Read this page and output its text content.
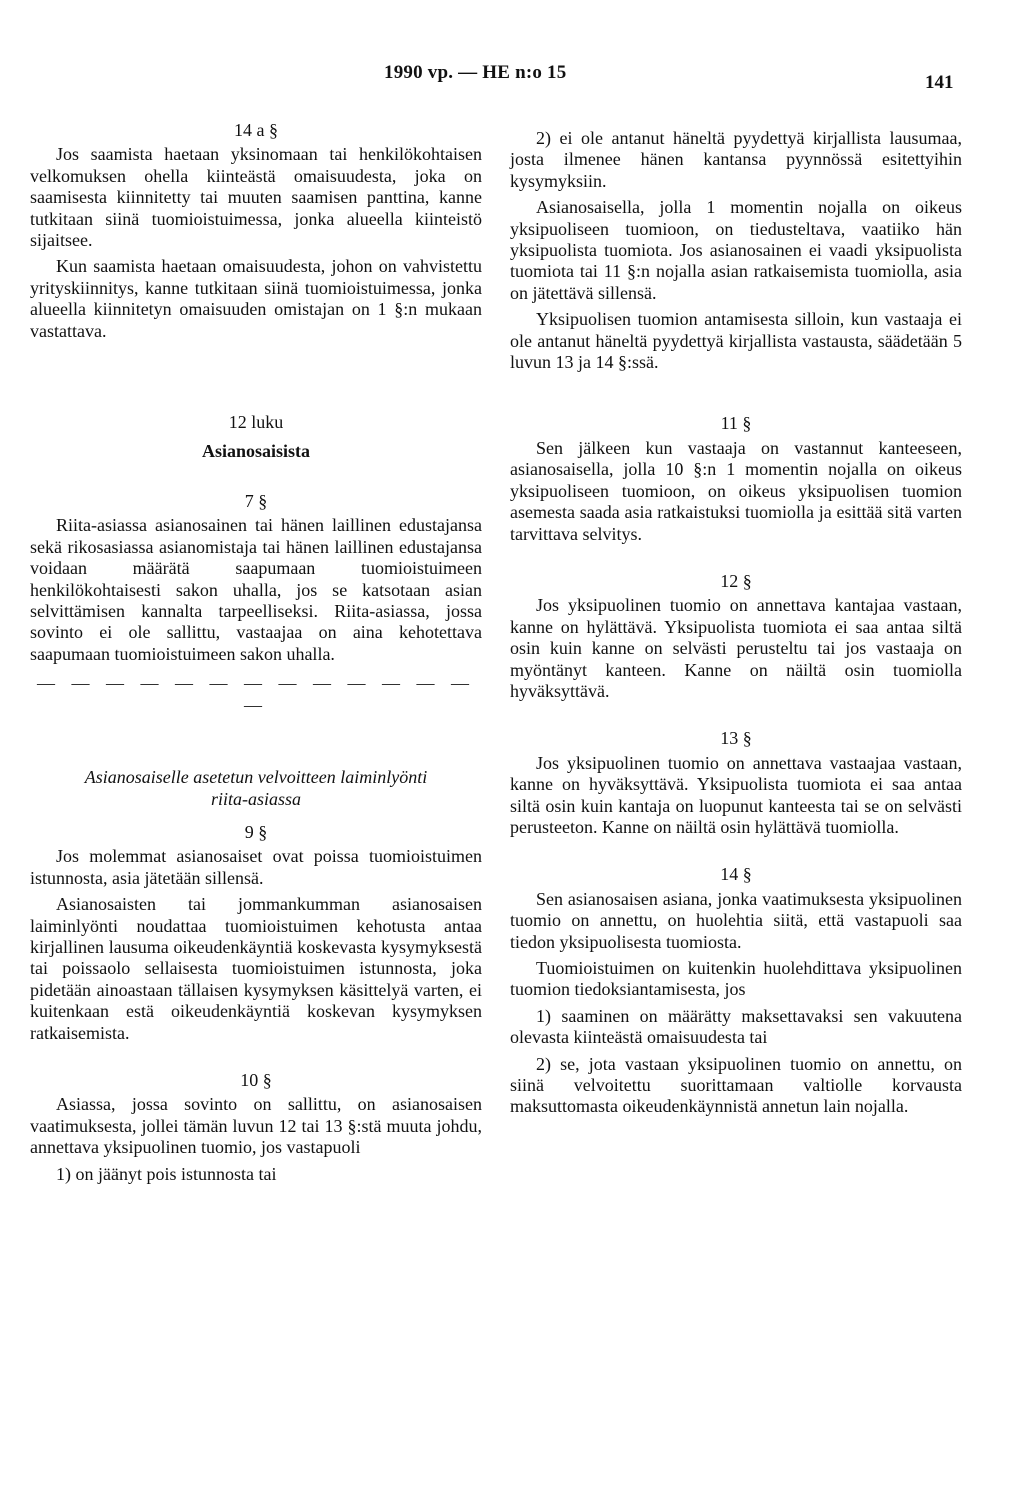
1990 vp. — HE n:o 15	141
14 a §

Jos saamista haetaan yksinomaan tai henkilökohtaisen velkomuksen ohella kiinteästä omaisuudesta, joka on saamisesta kiinnitetty tai muuten saamisen panttina, kanne tutkitaan siinä tuomioistuimessa, jonka alueella kiinteistö sijaitsee.

Kun saamista haetaan omaisuudesta, johon on vahvistettu yrityskiinnitys, kanne tutkitaan siinä tuomioistuimessa, jonka alueella kiinnitetyn omaisuuden omistajan on 1 §:n mukaan vastattava.

12 luku
Asianosaisista
7 §

Riita-asiassa asianosainen tai hänen laillinen edustajansa sekä rikosasiassa asianomistaja tai hänen laillinen edustajansa voidaan määrätä saapumaan tuomioistuimeen henkilökohtaisesti sakon uhalla, jos se katsotaan asian selvittämisen kannalta tarpeelliseksi. Riita-asiassa, jossa sovinto ei ole sallittu, vastaajaa on aina kehotettava saapumaan tuomioistuimeen sakon uhalla.

— — — — — — — — — — — — — —
Asianosaiselle asetetun velvoitteen laiminlyönti
riita-asiassa
9 §

Jos molemmat asianosaiset ovat poissa tuomioistuimen istunnosta, asia jätetään sillensä.

Asianosaisten tai jommankumman asianosaisen laiminlyönti noudattaa tuomioistuimen kehotusta antaa kirjallinen lausuma oikeudenkäyntiä koskevasta kysymyksestä tai poissaolo sellaisesta tuomioistuimen istunnosta, joka pidetään ainoastaan tällaisen kysymyksen käsittelyä varten, ei kuitenkaan estä oikeudenkäyntiä koskevan kysymyksen ratkaisemista.

10 §

Asiassa, jossa sovinto on sallittu, on asianosaisen vaatimuksesta, jollei tämän luvun 12 tai 13 §:stä muuta johdu, annettava yksipuolinen tuomio, jos vastapuoli

1) on jäänyt pois istunnosta tai

2) ei ole antanut häneltä pyydettyä kirjallista lausumaa, josta ilmenee hänen kantansa pyynnössä esitettyihin kysymyksiin.

Asianosaisella, jolla 1 momentin nojalla on oikeus yksipuoliseen tuomioon, on tiedusteltava, vaatiiko hän yksipuolista tuomiota. Jos asianosainen ei vaadi yksipuolista tuomiota tai 11 §:n nojalla asian ratkaisemista tuomiolla, asia on jätettävä sillensä.

Yksipuolisen tuomion antamisesta silloin, kun vastaaja ei ole antanut häneltä pyydettyä kirjallista vastausta, säädetään 5 luvun 13 ja 14 §:ssä.

11 §

Sen jälkeen kun vastaaja on vastannut kanteeseen, asianosaisella, jolla 10 §:n 1 momentin nojalla on oikeus yksipuoliseen tuomioon, on oikeus yksipuolisen tuomion asemesta saada asia ratkaistuksi tuomiolla ja esittää sitä varten tarvittava selvitys.

12 §

Jos yksipuolinen tuomio on annettava kantajaa vastaan, kanne on hylättävä. Yksipuolista tuomiota ei saa antaa siltä osin kuin kanne on selvästi perusteltu tai jos vastaaja on myöntänyt kanteen. Kanne on näiltä osin tuomiolla hyväksyttävä.

13 §

Jos yksipuolinen tuomio on annettava vastaajaa vastaan, kanne on hyväksyttävä. Yksipuolista tuomiota ei saa antaa siltä osin kuin kantaja on luopunut kanteesta tai se on selvästi perusteeton. Kanne on näiltä osin hylättävä tuomiolla.

14 §

Sen asianosaisen asiana, jonka vaatimuksesta yksipuolinen tuomio on annettu, on huolehtia siitä, että vastapuoli saa tiedon yksipuolisesta tuomiosta.

Tuomioistuimen on kuitenkin huolehdittava yksipuolinen tuomion tiedoksiantamisesta, jos

1) saaminen on määrätty maksettavaksi sen vakuutena olevasta kiinteästä omaisuudesta tai

2) se, jota vastaan yksipuolinen tuomio on annettu, on siinä velvoitettu suorittamaan valtiolle korvausta maksuttomasta oikeudenkäynnistä annetun lain nojalla.
